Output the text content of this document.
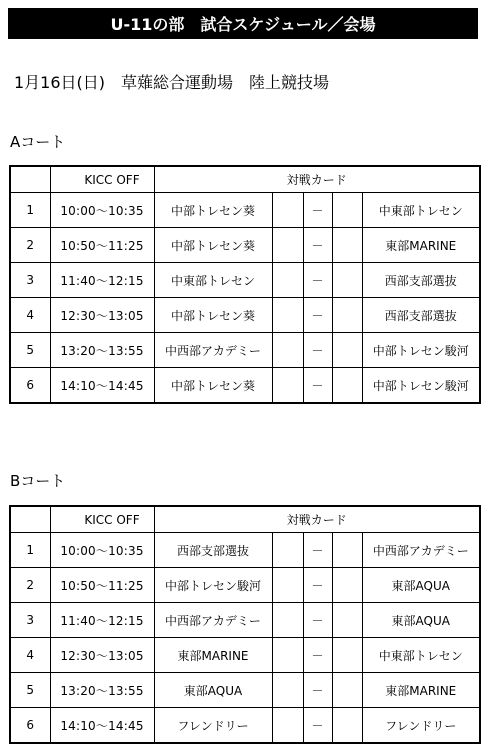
U-11の部　試合スケジュール／会場
1月16日(日)　草薙総合運動場　陸上競技場
Aコート
	KICC OFF	対戦カード				
1	10:00～10:35	中部トレセン葵		－		中東部トレセン
2	10:50～11:25	中部トレセン葵		－		東部MARINE
3	11:40～12:15	中東部トレセン		－		西部支部選抜
4	12:30～13:05	中部トレセン葵		－		西部支部選抜
5	13:20～13:55	中西部アカデミー		－		中部トレセン駿河
6	14:10～14:45	中部トレセン葵		－		中部トレセン駿河
Bコート
	KICC OFF	対戦カード				
1	10:00～10:35	西部支部選抜		－		中西部アカデミー
2	10:50～11:25	中部トレセン駿河		－		東部AQUA
3	11:40～12:15	中西部アカデミー		－		東部AQUA
4	12:30～13:05	東部MARINE		－		中東部トレセン
5	13:20～13:55	東部AQUA		－		東部MARINE
6	14:10～14:45	フレンドリー		－		フレンドリー
